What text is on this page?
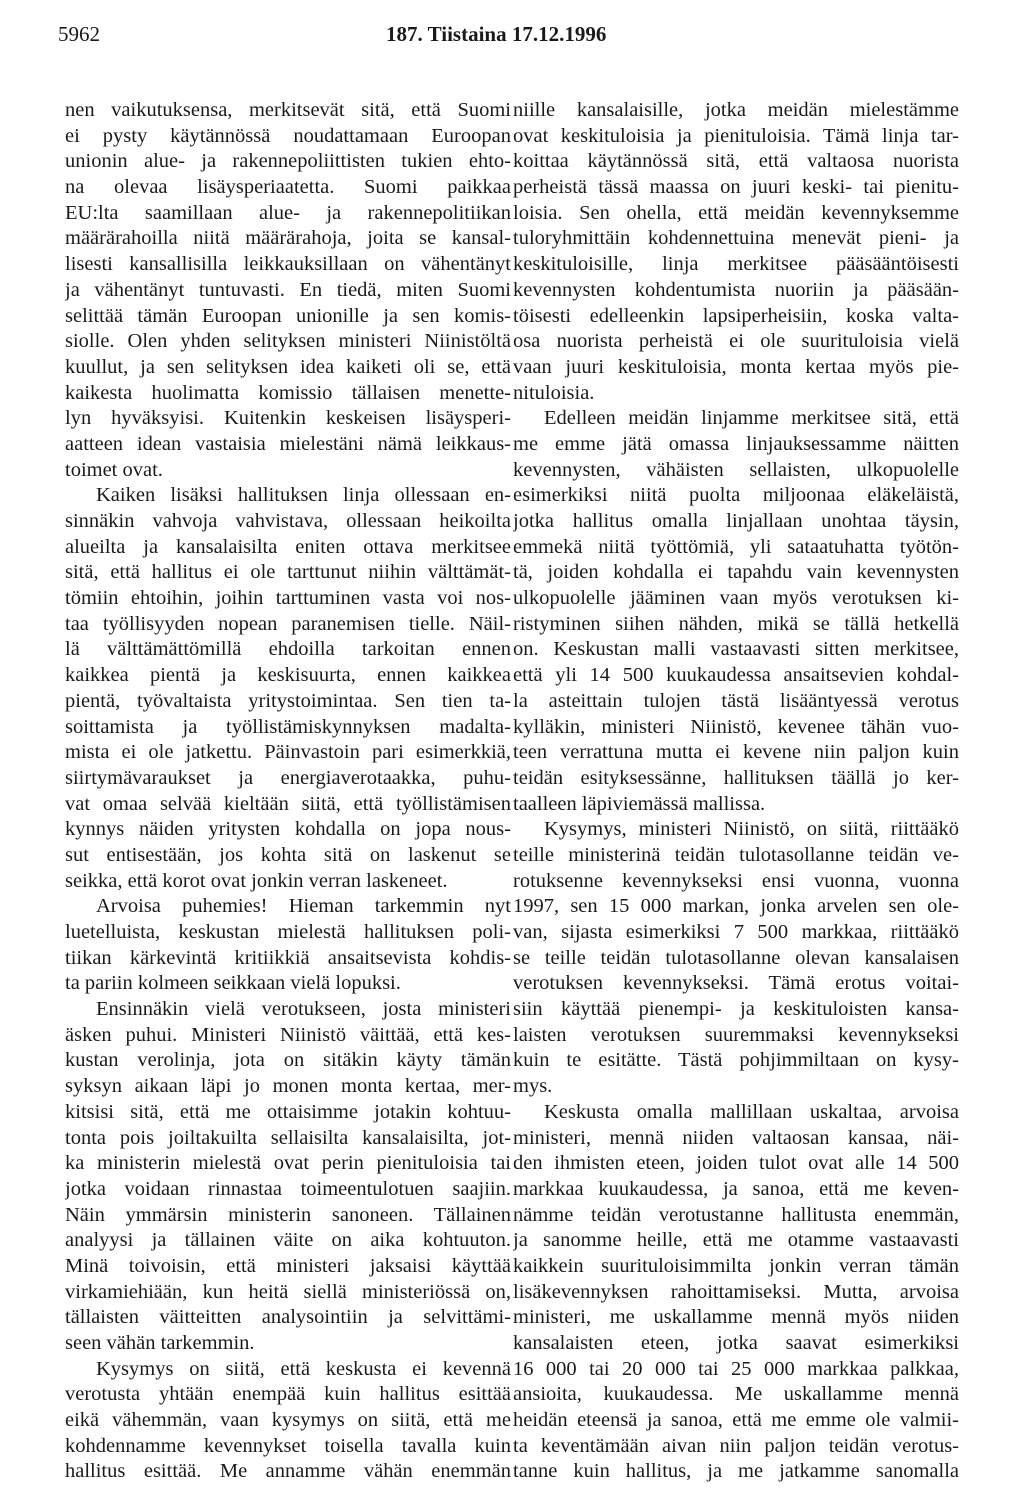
5962	187. Tiistaina 17.12.1996
nen vaikutuksensa, merkitsevät sitä, että Suomi
ei pysty käytännössä noudattamaan Euroopan
unionin alue- ja rakennepoliittisten tukien ehto-
na olevaa lisäysperiaatetta. Suomi paikkaa
EU:lta saamillaan alue- ja rakennepolitiikan
määrärahoilla niitä määrärahoja, joita se kansal-
lisesti kansallisilla leikkauksillaan on vähentänyt
ja vähentänyt tuntuvasti. En tiedä, miten Suomi
selittää tämän Euroopan unionille ja sen komis-
siolle. Olen yhden selityksen ministeri Niinistöltä
kuullut, ja sen selityksen idea kaiketi oli se, että
kaikesta huolimatta komissio tällaisen menette-
lyn hyväksyisi. Kuitenkin keskeisen lisäysperi-
aatteen idean vastaisia mielestäni nämä leikkaus-
toimet ovat.
Kaiken lisäksi hallituksen linja ollessaan en-
sinnäkin vahvoja vahvistava, ollessaan heikoilta
alueilta ja kansalaisilta eniten ottava merkitsee
sitä, että hallitus ei ole tarttunut niihin välttämät-
tömiin ehtoihin, joihin tarttuminen vasta voi nos-
taa työllisyyden nopean paranemisen tielle. Näil-
lä välttämättömillä ehdoilla tarkoitan ennen
kaikkea pientä ja keskisuurta, ennen kaikkea
pientä, työvaltaista yritystoimintaa. Sen tien ta-
soittamista ja työllistämiskynnyksen madalta-
mista ei ole jatkettu. Päinvastoin pari esimerkkiä,
siirtymävaraukset ja energiaverotaakka, puhu-
vat omaa selvää kieltään siitä, että työllistämisen
kynnys näiden yritysten kohdalla on jopa nous-
sut entisestään, jos kohta sitä on laskenut se
seikka, että korot ovat jonkin verran laskeneet.
Arvoisa puhemies! Hieman tarkemmin nyt
luetelluista, keskustan mielestä hallituksen poli-
tiikan kärkevintä kritiikkiä ansaitsevista kohdis-
ta pariin kolmeen seikkaan vielä lopuksi.
Ensinnäkin vielä verotukseen, josta ministeri
äsken puhui. Ministeri Niinistö väittää, että kes-
kustan verolinja, jota on sitäkin käyty tämän
syksyn aikaan läpi jo monen monta kertaa, mer-
kitsisi sitä, että me ottaisimme jotakin kohtuu-
tonta pois joiltakuilta sellaisilta kansalaisilta, jot-
ka ministerin mielestä ovat perin pienituloisia tai
jotka voidaan rinnastaa toimeentulotuen saajiin.
Näin ymmärsin ministerin sanoneen. Tällainen
analyysi ja tällainen väite on aika kohtuuton.
Minä toivoisin, että ministeri jaksaisi käyttää
virkamiehiään, kun heitä siellä ministeriössä on,
tällaisten väitteitten analysointiin ja selvittämi-
seen vähän tarkemmin.
Kysymys on siitä, että keskusta ei kevennä
verotusta yhtään enempää kuin hallitus esittää
eikä vähemmän, vaan kysymys on siitä, että me
kohdennamme kevennykset toisella tavalla kuin
hallitus esittää. Me annamme vähän enemmän
niille kansalaisille, jotka meidän mielestämme
ovat keskituloisia ja pienituloisia. Tämä linja tar-
koittaa käytännössä sitä, että valtaosa nuorista
perheistä tässä maassa on juuri keski- tai pienitu-
loisia. Sen ohella, että meidän kevennyksemme
tuloryhmittäin kohdennettuina menevät pieni- ja
keskituloisille, linja merkitsee pääsääntöisesti
kevennysten kohdentumista nuoriin ja pääsään-
töisesti edelleenkin lapsiperheisiin, koska valta-
osa nuorista perheistä ei ole suurituloisia vielä
vaan juuri keskituloisia, monta kertaa myös pie-
nituloisia.
Edelleen meidän linjamme merkitsee sitä, että
me emme jätä omassa linjauksessamme näitten
kevennysten, vähäisten sellaisten, ulkopuolelle
esimerkiksi niitä puolta miljoonaa eläkeläistä,
jotka hallitus omalla linjallaan unohtaa täysin,
emmekä niitä työttömiä, yli sataatuhatta työtön-
tä, joiden kohdalla ei tapahdu vain kevennysten
ulkopuolelle jääminen vaan myös verotuksen ki-
ristyminen siihen nähden, mikä se tällä hetkellä
on. Keskustan malli vastaavasti sitten merkitsee,
että yli 14 500 kuukaudessa ansaitsevien kohdal-
la asteittain tulojen tästä lisääntyessä verotus
kylläkin, ministeri Niinistö, kevenee tähän vuo-
teen verrattuna mutta ei kevene niin paljon kuin
teidän esityksessänne, hallituksen täällä jo ker-
taalleen läpiviemässä mallissa.
Kysymys, ministeri Niinistö, on siitä, riittääkö
teille ministerinä teidän tulotasollanne teidän ve-
rotuksenne kevennykseksi ensi vuonna, vuonna
1997, sen 15 000 markan, jonka arvelen sen ole-
van, sijasta esimerkiksi 7 500 markkaa, riittääkö
se teille teidän tulotasollanne olevan kansalaisen
verotuksen kevennykseksi. Tämä erotus voitai-
siin käyttää pienempi- ja keskituloisten kansa-
laisten verotuksen suuremmaksi kevennykseksi
kuin te esitätte. Tästä pohjimmiltaan on kysy-
mys.
Keskusta omalla mallillaan uskaltaa, arvoisa
ministeri, mennä niiden valtaosan kansaa, näi-
den ihmisten eteen, joiden tulot ovat alle 14 500
markkaa kuukaudessa, ja sanoa, että me keven-
nämme teidän verotustanne hallitusta enemmän,
ja sanomme heille, että me otamme vastaavasti
kaikkein suurituloisimmilta jonkin verran tämän
lisäkevennyksen rahoittamiseksi. Mutta, arvoisa
ministeri, me uskallamme mennä myös niiden
kansalaisten eteen, jotka saavat esimerkiksi
16 000 tai 20 000 tai 25 000 markkaa palkkaa,
ansioita, kuukaudessa. Me uskallamme mennä
heidän eteensä ja sanoa, että me emme ole valmii-
ta keventämään aivan niin paljon teidän verotus-
tanne kuin hallitus, ja me jatkamme sanomalla
